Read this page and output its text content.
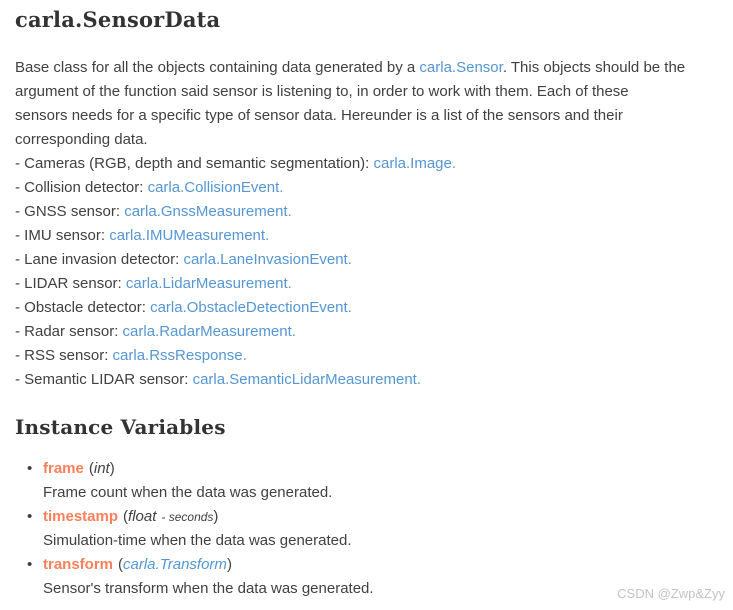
carla.SensorData
Base class for all the objects containing data generated by a carla.Sensor. This objects should be the
argument of the function said sensor is listening to, in order to work with them. Each of these
sensors needs for a specific type of sensor data. Hereunder is a list of the sensors and their
corresponding data.
- Cameras (RGB, depth and semantic segmentation): carla.Image.
- Collision detector: carla.CollisionEvent.
- GNSS sensor: carla.GnssMeasurement.
- IMU sensor: carla.IMUMeasurement.
- Lane invasion detector: carla.LaneInvasionEvent.
- LIDAR sensor: carla.LidarMeasurement.
- Obstacle detector: carla.ObstacleDetectionEvent.
- Radar sensor: carla.RadarMeasurement.
- RSS sensor: carla.RssResponse.
- Semantic LIDAR sensor: carla.SemanticLidarMeasurement.
Instance Variables
• frame (int)
Frame count when the data was generated.
• timestamp (float - seconds)
Simulation-time when the data was generated.
• transform (carla.Transform)
Sensor's transform when the data was generated.	CSDN @Zwp&Zyy
